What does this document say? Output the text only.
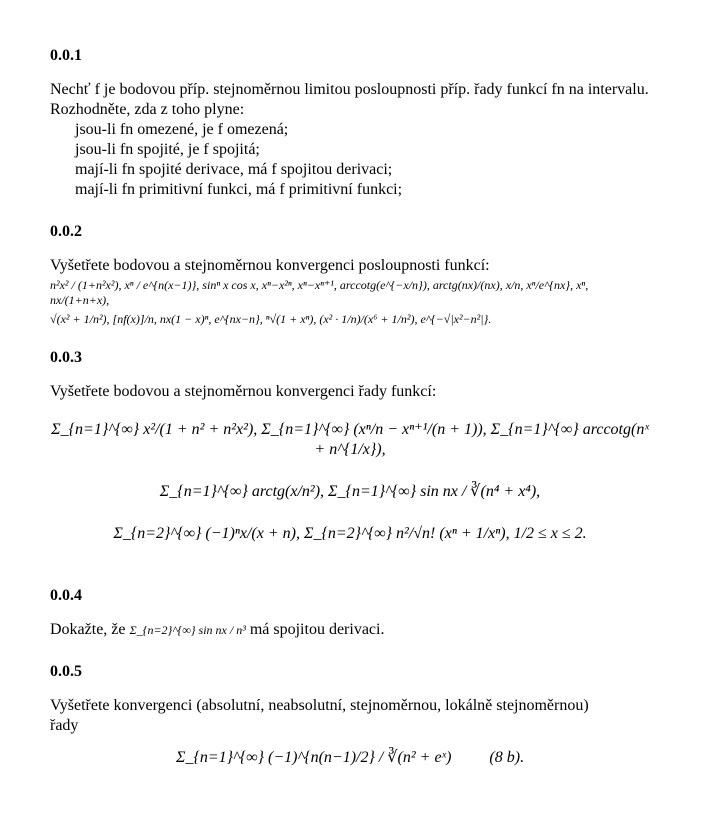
0.0.1

Nechť f je bodovou příp. stejnoměrnou limitou posloupnosti příp. řady funkcí fn na intervalu. Rozhodněte, zda z toho plyne:

jsou-li fn omezené, je f omezená;

jsou-li fn spojité, je f spojitá;

mají-li fn spojité derivace, má f spojitou derivaci;

mají-li fn primitivní funkci, má f primitivní funkci;

0.0.2

Vyšetřete bodovou a stejnoměrnou konvergenci posloupnosti funkcí:

n²x² / (1+n²x²), xⁿ / e^{n(x−1)}, sinⁿ x cos x, xⁿ−x²ⁿ, xⁿ−xⁿ⁺¹, arccotg(e^{−x/n}), arctg(nx)/(nx), x/n, xⁿ/e^{nx}, xⁿ, nx/(1+n+x),

√(x² + 1/n²), [nf(x)]/n, nx(1 − x)ⁿ, e^{nx−n}, ⁿ√(1 + xⁿ), (x² · 1/n)/(x⁶ + 1/n²), e^{−√|x²−n²|}.

0.0.3

Vyšetřete bodovou a stejnoměrnou konvergenci řady funkcí:

Σ_{n=1}^{∞} x²/(1 + n² + n²x²), Σ_{n=1}^{∞} (xⁿ/n − xⁿ⁺¹/(n + 1)), Σ_{n=1}^{∞} arccotg(nˣ + n^{1/x}),

Σ_{n=1}^{∞} arctg(x/n²), Σ_{n=1}^{∞} sin nx / ∛(n⁴ + x⁴),

Σ_{n=2}^{∞} (−1)ⁿx/(x + n), Σ_{n=2}^{∞} n²/√n! (xⁿ + 1/xⁿ), 1/2 ≤ x ≤ 2.

0.0.4

Dokažte, že Σ_{n=2}^{∞} sin nx / n³ má spojitou derivaci.

0.0.5

Vyšetřete konvergenci (absolutní, neabsolutní, stejnoměrnou, lokálně stejnoměrnou) řady

Σ_{n=1}^{∞} (−1)^{n(n−1)/2} / ∛(n² + eˣ) (8 b).
